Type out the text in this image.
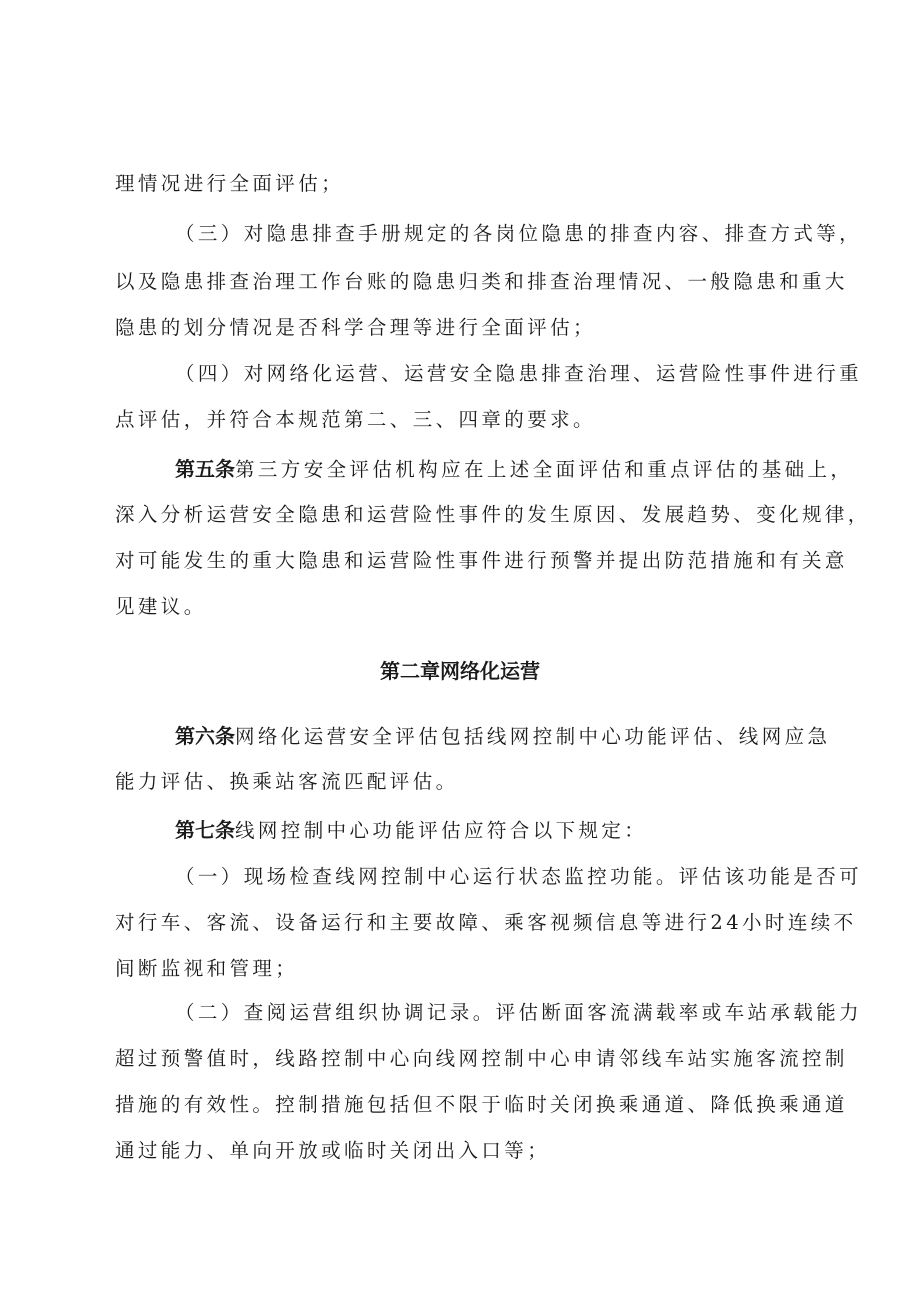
理情况进行全面评估；
（三）对隐患排查手册规定的各岗位隐患的排查内容、排查方式等，
以及隐患排查治理工作台账的隐患归类和排查治理情况、一般隐患和重大
隐患的划分情况是否科学合理等进行全面评估；
（四）对网络化运营、运营安全隐患排查治理、运营险性事件进行重
点评估，并符合本规范第二、三、四章的要求。
第五条第三方安全评估机构应在上述全面评估和重点评估的基础上，
深入分析运营安全隐患和运营险性事件的发生原因、发展趋势、变化规律，
对可能发生的重大隐患和运营险性事件进行预警并提出防范措施和有关意
见建议。
第二章网络化运营
第六条网络化运营安全评估包括线网控制中心功能评估、线网应急
能力评估、换乘站客流匹配评估。
第七条线网控制中心功能评估应符合以下规定：
（一）现场检查线网控制中心运行状态监控功能。评估该功能是否可
对行车、客流、设备运行和主要故障、乘客视频信息等进行24小时连续不
间断监视和管理；
（二）查阅运营组织协调记录。评估断面客流满载率或车站承载能力
超过预警值时，线路控制中心向线网控制中心申请邻线车站实施客流控制
措施的有效性。控制措施包括但不限于临时关闭换乘通道、降低换乘通道
通过能力、单向开放或临时关闭出入口等；
